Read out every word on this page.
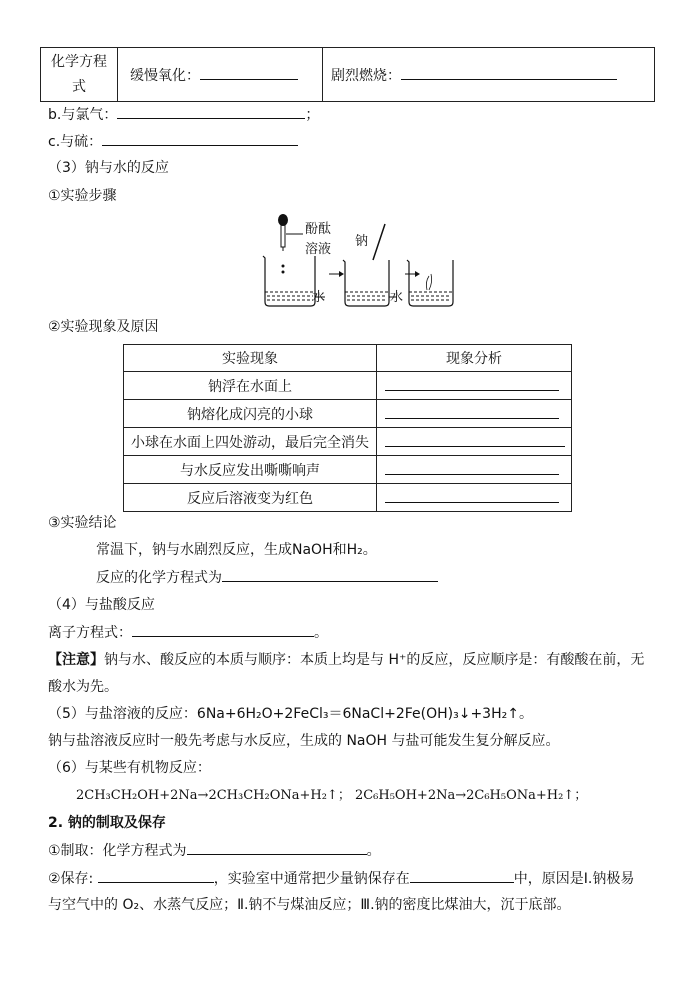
化学方程式	缓慢氧化：	剧烈燃烧：
b.与氯气：	；
c.与硫：
（3）钠与水的反应
①实验步骤
酚酞
溶液
钠
水	水
②实验现象及原因
实验现象	现象分析
钠浮在水面上	
钠熔化成闪亮的小球	
小球在水面上四处游动，最后完全消失	
与水反应发出嘶嘶响声	
反应后溶液变为红色	
③实验结论
常温下，钠与水剧烈反应，生成NaOH和H₂。
反应的化学方程式为
（4）与盐酸反应
离子方程式：	。
【注意】钠与水、酸反应的本质与顺序：本质上均是与 H⁺的反应，反应顺序是：有酸酸在前，无
酸水为先。
（5）与盐溶液的反应：6Na+6H₂O+2FeCl₃＝6NaCl+2Fe(OH)₃↓+3H₂↑。
钠与盐溶液反应时一般先考虑与水反应，生成的 NaOH 与盐可能发生复分解反应。
（6）与某些有机物反应：
2CH₃CH₂OH+2Na→2CH₃CH₂ONa+H₂↑； 2C₆H₅OH+2Na→2C₆H₅ONa+H₂↑；
2. 钠的制取及保存
①制取：化学方程式为	。
②保存:	，实验室中通常把少量钠保存在	中，原因是Ⅰ.钠极易
与空气中的 O₂、水蒸气反应；Ⅱ.钠不与煤油反应；Ⅲ.钠的密度比煤油大，沉于底部。
